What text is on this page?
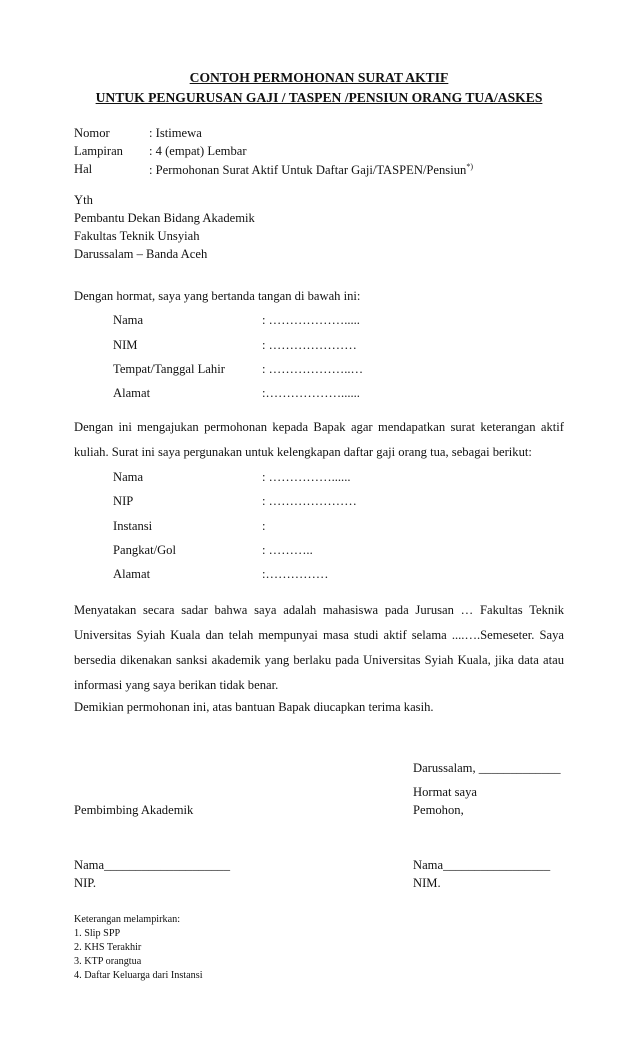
CONTOH PERMOHONAN SURAT AKTIF
UNTUK PENGURUSAN GAJI / TASPEN /PENSIUN ORANG TUA/ASKES
Nomor	: Istimewa
Lampiran : 4 (empat) Lembar
Hal	: Permohonan Surat Aktif Untuk Daftar Gaji/TASPEN/Pensiun*)
Yth
Pembantu Dekan Bidang Akademik
Fakultas Teknik Unsyiah
Darussalam – Banda Aceh
Dengan hormat, saya yang bertanda tangan di bawah ini:
Nama	: ……………….....
NIM	: …………………
Tempat/Tanggal Lahir	: ………………..…
Alamat	:………………......
Dengan ini mengajukan permohonan kepada Bapak agar mendapatkan surat keterangan aktif
kuliah. Surat ini saya pergunakan untuk kelengkapan daftar gaji orang tua, sebagai berikut:
Nama	: ……………......
NIP	: …………………
Instansi	:
Pangkat/Gol	: ………..
Alamat	:……………
Menyatakan secara sadar bahwa saya adalah mahasiswa pada Jurusan … Fakultas Teknik
Universitas Syiah Kuala dan telah mempunyai masa studi aktif selama ....….Semeseter. Saya
bersedia dikenakan sanksi akademik yang berlaku pada Universitas Syiah Kuala, jika data atau
informasi yang saya berikan tidak benar.
Demikian permohonan ini, atas bantuan Bapak diucapkan terima kasih.
Darussalam, _____________
Hormat saya
Pemohon,
Pembimbing Akademik
Nama____________________
NIP.
Nama_________________
NIM.
Keterangan melampirkan:
1. Slip SPP
2. KHS Terakhir
3. KTP orangtua
4. Daftar Keluarga dari Instansi
